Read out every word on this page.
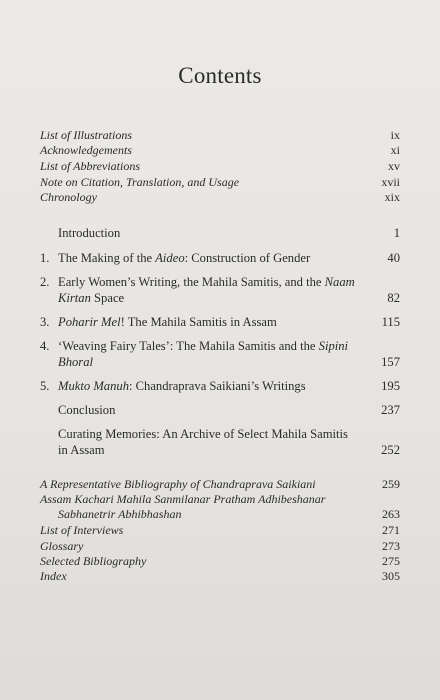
Contents
List of Illustrations	ix
Acknowledgements	xi
List of Abbreviations	xv
Note on Citation, Translation, and Usage	xvii
Chronology	xix
Introduction	1
1. The Making of the Aideo: Construction of Gender	40
2. Early Women’s Writing, the Mahila Samitis, and the Naam
Kirtan Space	82
3. Poharir Mel! The Mahila Samitis in Assam	115
4. ‘Weaving Fairy Tales’: The Mahila Samitis and the Sipini
Bhoral	157
5. Mukto Manuh: Chandraprava Saikiani’s Writings	195
Conclusion	237
Curating Memories: An Archive of Select Mahila Samitis
in Assam	252
A Representative Bibliography of Chandraprava Saikiani	259
Assam Kachari Mahila Sanmilanar Pratham Adhibeshanar
Sabhanetrir Abhibhashan	263
List of Interviews	271
Glossary	273
Selected Bibliography	275
Index	305
